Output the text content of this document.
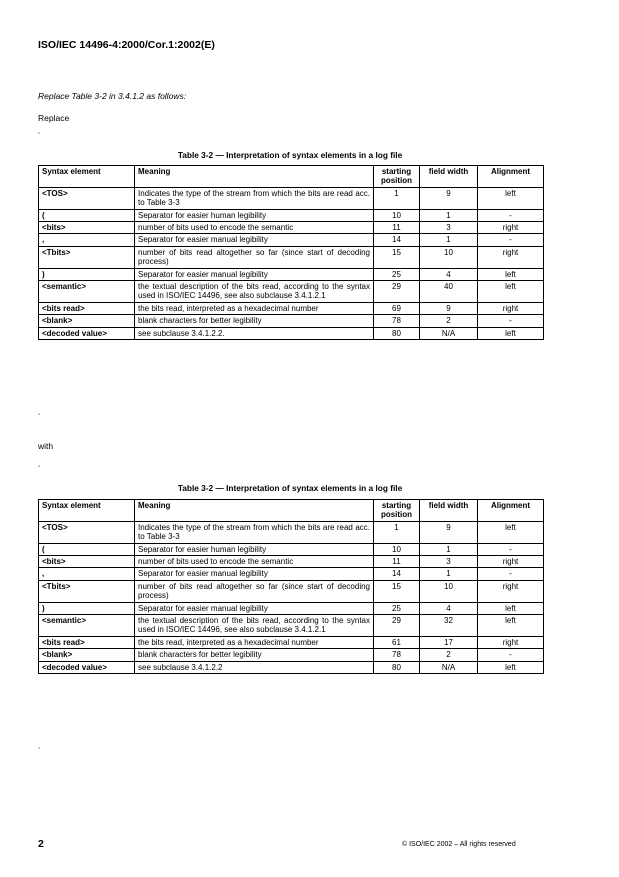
ISO/IEC 14496-4:2000/Cor.1:2002(E)
Replace Table 3-2 in 3.4.1.2 as follows:
Replace
"
Table 3-2 — Interpretation of syntax elements in a log file
Syntax element	Meaning	starting position	field width	Alignment
<TOS>	Indicates the type of the stream from which the bits are read acc. to Table 3-3	1	9	left
(	Separator for easier human legibility	10	1	-
<bits>	number of bits used to encode the semantic	11	3	right
,	Separator for easier manual legibility	14	1	-
<Tbits>	number of bits read altogether so far (since start of decoding process)	15	10	right
)	Separator for easier manual legibility	25	4	left
<semantic>	the textual description of the bits read, according to the syntax used in ISO/IEC 14496, see also subclause 3.4.1.2.1	29	40	left
<bits read>	the bits read, interpreted as a hexadecimal number	69	9	right
<blank>	blank characters for better legibility	78	2	-
<decoded value>	see subclause 3.4.1.2.2.	80	N/A	left
"
with
"
Table 3-2 — Interpretation of syntax elements in a log file
Syntax element	Meaning	starting position	field width	Alignment
<TOS>	Indicates the type of the stream from which the bits are read acc. to Table 3-3	1	9	left
(	Separator for easier human legibility	10	1	-
<bits>	number of bits used to encode the semantic	11	3	right
,	Separator for easier manual legibility	14	1	-
<Tbits>	number of bits read altogether so far (since start of decoding process)	15	10	right
)	Separator for easier manual legibility	25	4	left
<semantic>	the textual description of the bits read, according to the syntax used in ISO/IEC 14496, see also subclause 3.4.1.2.1	29	32	left
<bits read>	the bits read, interpreted as a hexadecimal number	61	17	right
<blank>	blank characters for better legibility	78	2	-
<decoded value>	see subclause 3.4.1.2.2	80	N/A	left
"
2	© ISO/IEC 2002 – All rights reserved
